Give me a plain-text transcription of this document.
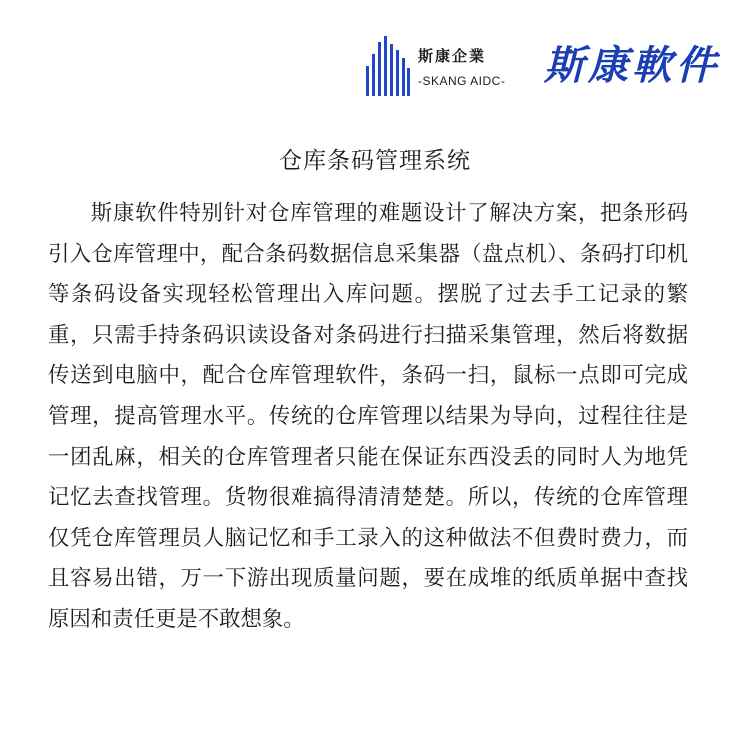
斯康企業
-SKANG AIDC- 斯康軟件
仓库条码管理系统
斯康软件特别针对仓库管理的难题设计了解决方案，把条形码引入仓库管理中，配合条码数据信息采集器（盘点机）、条码打印机等条码设备实现轻松管理出入库问题。摆脱了过去手工记录的繁重，只需手持条码识读设备对条码进行扫描采集管理，然后将数据传送到电脑中，配合仓库管理软件，条码一扫，鼠标一点即可完成管理，提高管理水平。传统的仓库管理以结果为导向，过程往往是一团乱麻，相关的仓库管理者只能在保证东西没丢的同时人为地凭记忆去查找管理。货物很难搞得清清楚楚。所以，传统的仓库管理仅凭仓库管理员人脑记忆和手工录入的这种做法不但费时费力，而且容易出错，万一下游出现质量问题，要在成堆的纸质单据中查找原因和责任更是不敢想象。
